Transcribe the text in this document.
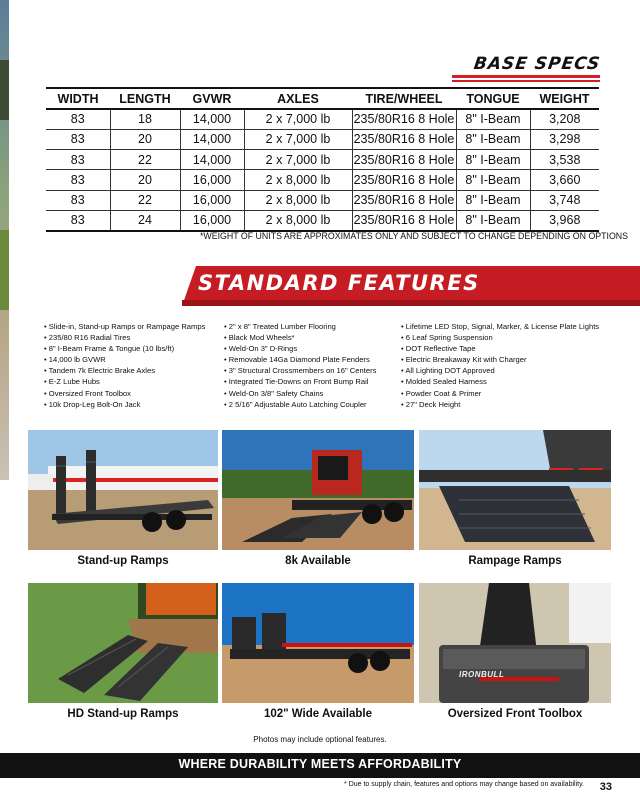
BASE SPECS
WIDTH	LENGTH	GVWR	AXLES	TIRE/WHEEL	TONGUE	WEIGHT
83	18	14,000	2 x 7,000 lb	235/80R16 8 Hole	8" I-Beam	3,208
83	20	14,000	2 x 7,000 lb	235/80R16 8 Hole	8" I-Beam	3,298
83	22	14,000	2 x 7,000 lb	235/80R16 8 Hole	8" I-Beam	3,538
83	20	16,000	2 x 8,000 lb	235/80R16 8 Hole	8" I-Beam	3,660
83	22	16,000	2 x 8,000 lb	235/80R16 8 Hole	8" I-Beam	3,748
83	24	16,000	2 x 8,000 lb	235/80R16 8 Hole	8" I-Beam	3,968
*WEIGHT OF UNITS ARE APPROXIMATES ONLY AND SUBJECT TO CHANGE DEPENDING ON OPTIONS
STANDARD FEATURES
• Slide-in, Stand-up Ramps or Rampage Ramps
• 235/80 R16 Radial Tires
• 8" I-Beam Frame & Tongue (10 lbs/ft)
• 14,000 lb GVWR
• Tandem 7k Electric Brake Axles
• E-Z Lube Hubs
• Oversized Front Toolbox
• 10k Drop-Leg Bolt-On Jack
• 2" x 8" Treated Lumber Flooring
• Black Mod Wheels*
• Weld-On 3" D-Rings
• Removable 14Ga Diamond Plate Fenders
• 3" Structural Crossmembers on 16" Centers
• Integrated Tie-Downs on Front Bump Rail
• Weld-On 3/8" Safety Chains
• 2 5/16" Adjustable Auto Latching Coupler
• Lifetime LED Stop, Signal, Marker, & License Plate Lights
• 6 Leaf Spring Suspension
• DOT Reflective Tape
• Electric Breakaway Kit with Charger
• All Lighting DOT Approved
• Molded Sealed Harness
• Powder Coat & Primer
• 27" Deck Height
Stand-up Ramps	8k Available	Rampage Ramps
IRONBULL
HD Stand-up Ramps	102" Wide Available	Oversized Front Toolbox
Photos may include optional features.
WHERE DURABILITY MEETS AFFORDABILITY
* Due to supply chain, features and options may change based on availability. 33
